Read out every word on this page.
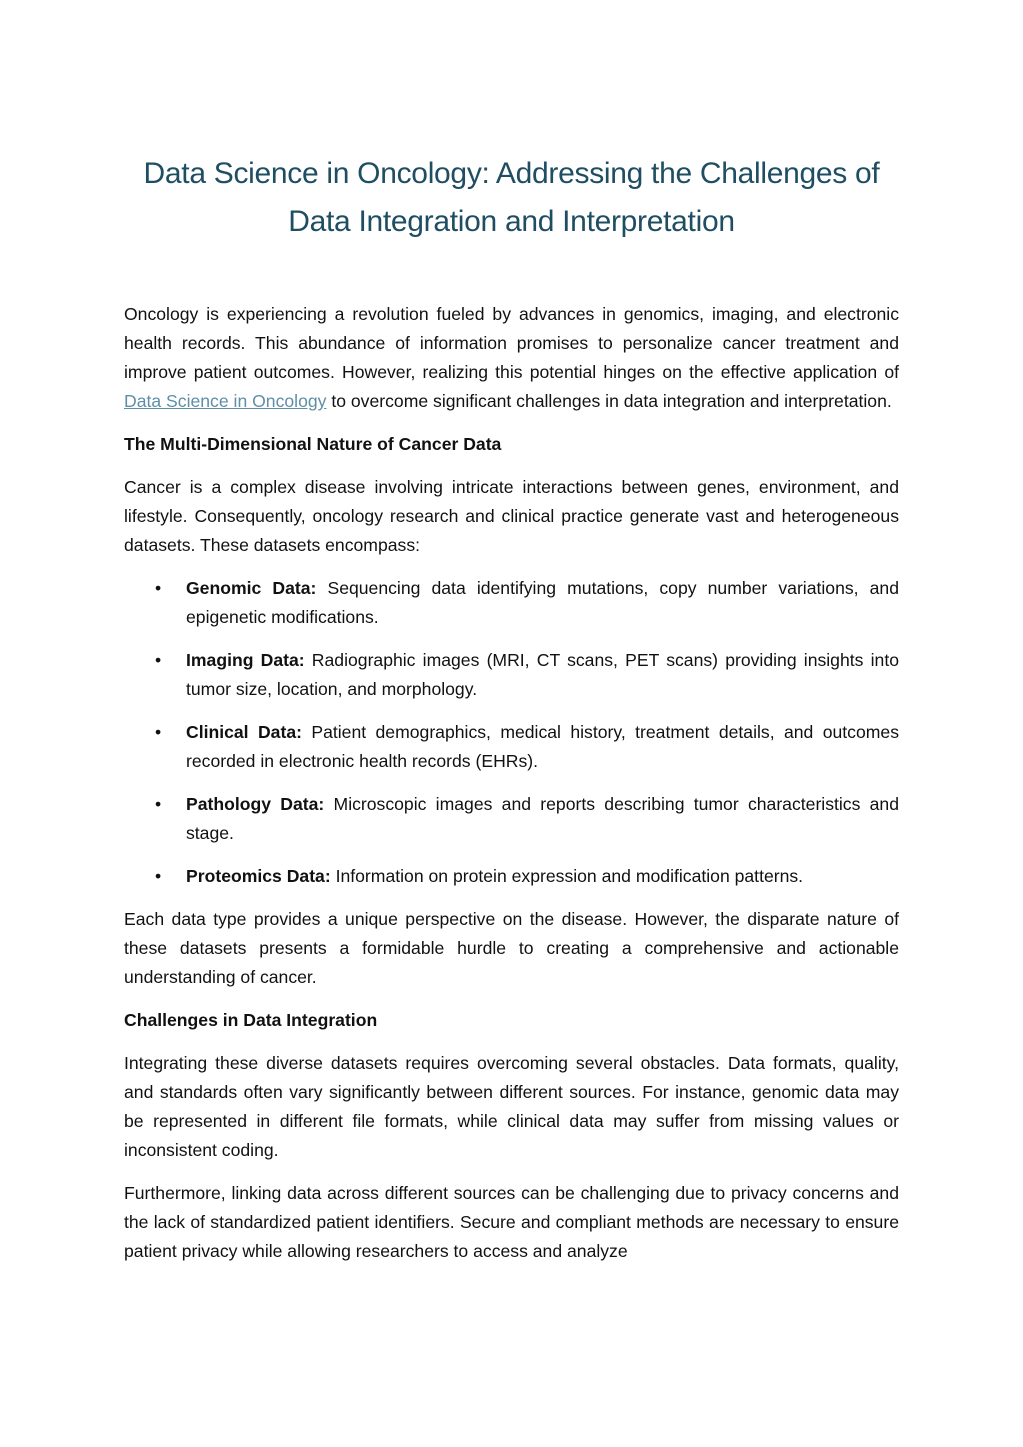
Data Science in Oncology: Addressing the Challenges of
Data Integration and Interpretation

Oncology is experiencing a revolution fueled by advances in genomics, imaging, and electronic health records. This abundance of information promises to personalize cancer treatment and improve patient outcomes. However, realizing this potential hinges on the effective application of Data Science in Oncology to overcome significant challenges in data integration and interpretation.

The Multi-Dimensional Nature of Cancer Data

Cancer is a complex disease involving intricate interactions between genes, environment, and lifestyle. Consequently, oncology research and clinical practice generate vast and heterogeneous datasets. These datasets encompass:

• Genomic Data: Sequencing data identifying mutations, copy number variations, and epigenetic modifications.
• Imaging Data: Radiographic images (MRI, CT scans, PET scans) providing insights into tumor size, location, and morphology.
• Clinical Data: Patient demographics, medical history, treatment details, and outcomes recorded in electronic health records (EHRs).
• Pathology Data: Microscopic images and reports describing tumor characteristics and stage.
• Proteomics Data: Information on protein expression and modification patterns.

Each data type provides a unique perspective on the disease. However, the disparate nature of these datasets presents a formidable hurdle to creating a comprehensive and actionable understanding of cancer.

Challenges in Data Integration

Integrating these diverse datasets requires overcoming several obstacles. Data formats, quality, and standards often vary significantly between different sources. For instance, genomic data may be represented in different file formats, while clinical data may suffer from missing values or inconsistent coding.

Furthermore, linking data across different sources can be challenging due to privacy concerns and the lack of standardized patient identifiers. Secure and compliant methods are necessary to ensure patient privacy while allowing researchers to access and analyze
